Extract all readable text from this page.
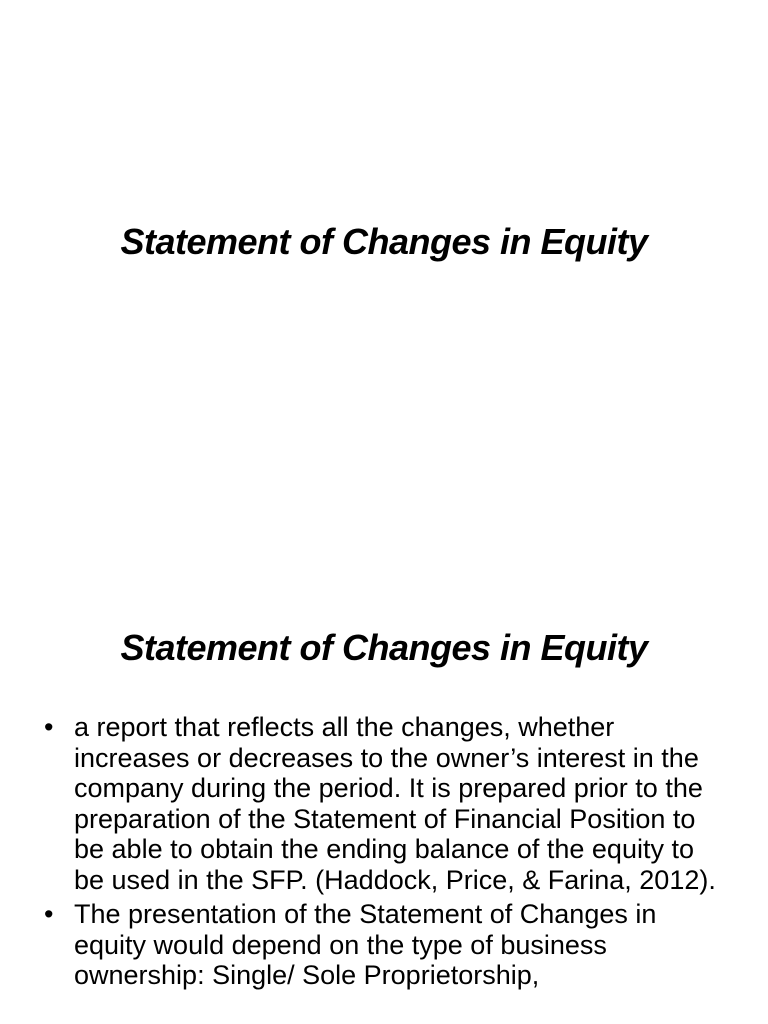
Statement of Changes in Equity
Statement of Changes in Equity
• a report that reflects all the changes, whether increases or decreases to the owner’s interest in the company during the period. It is prepared prior to the preparation of the Statement of Financial Position to be able to obtain the ending balance of the equity to be used in the SFP. (Haddock, Price, & Farina, 2012).
• The presentation of the Statement of Changes in equity would depend on the type of business ownership: Single/ Sole Proprietorship,
